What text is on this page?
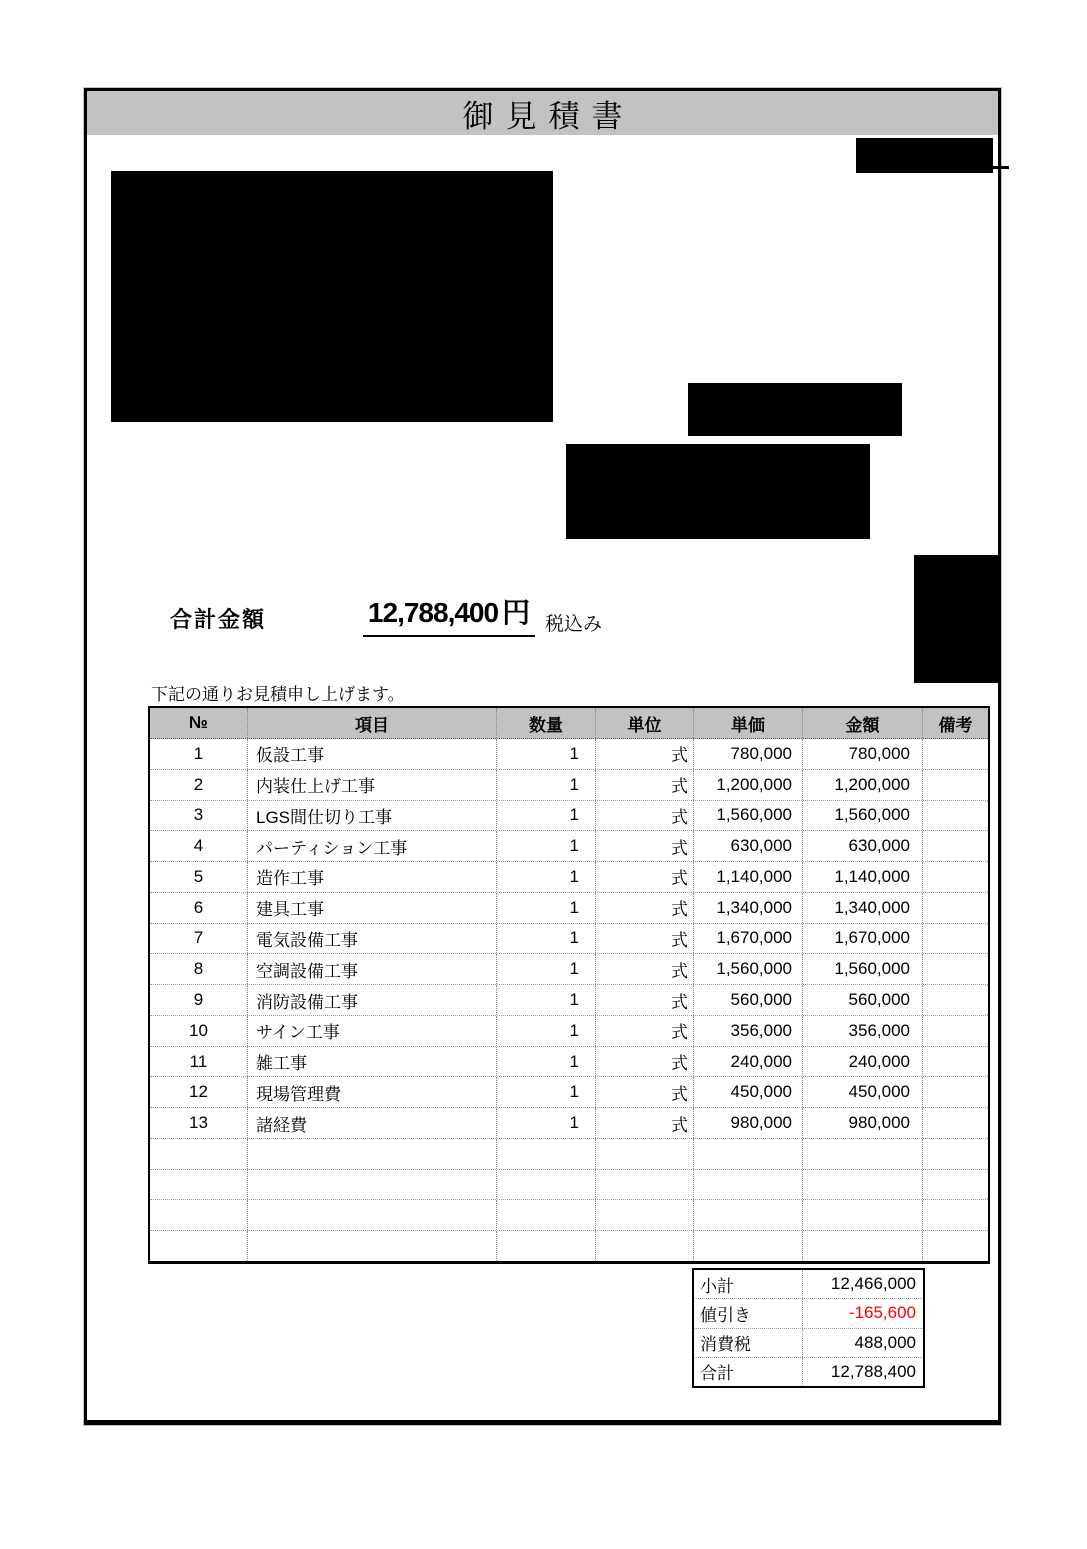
御見積書
合計金額	12,788,400 円 税込み
下記の通りお見積申し上げます。
№	項目	数量	単位	単価	金額	備考
1	仮設工事	1	式	780,000	780,000
2	内装仕上げ工事	1	式	1,200,000	1,200,000
3	LGS間仕切り工事	1	式	1,560,000	1,560,000
4	パーティション工事	1	式	630,000	630,000
5	造作工事	1	式	1,140,000	1,140,000
6	建具工事	1	式	1,340,000	1,340,000
7	電気設備工事	1	式	1,670,000	1,670,000
8	空調設備工事	1	式	1,560,000	1,560,000
9	消防設備工事	1	式	560,000	560,000
10	サイン工事	1	式	356,000	356,000
11	雑工事	1	式	240,000	240,000
12	現場管理費	1	式	450,000	450,000
13	諸経費	1	式	980,000	980,000
小計	12,466,000
値引き	-165,600
消費税	488,000
合計	12,788,400
